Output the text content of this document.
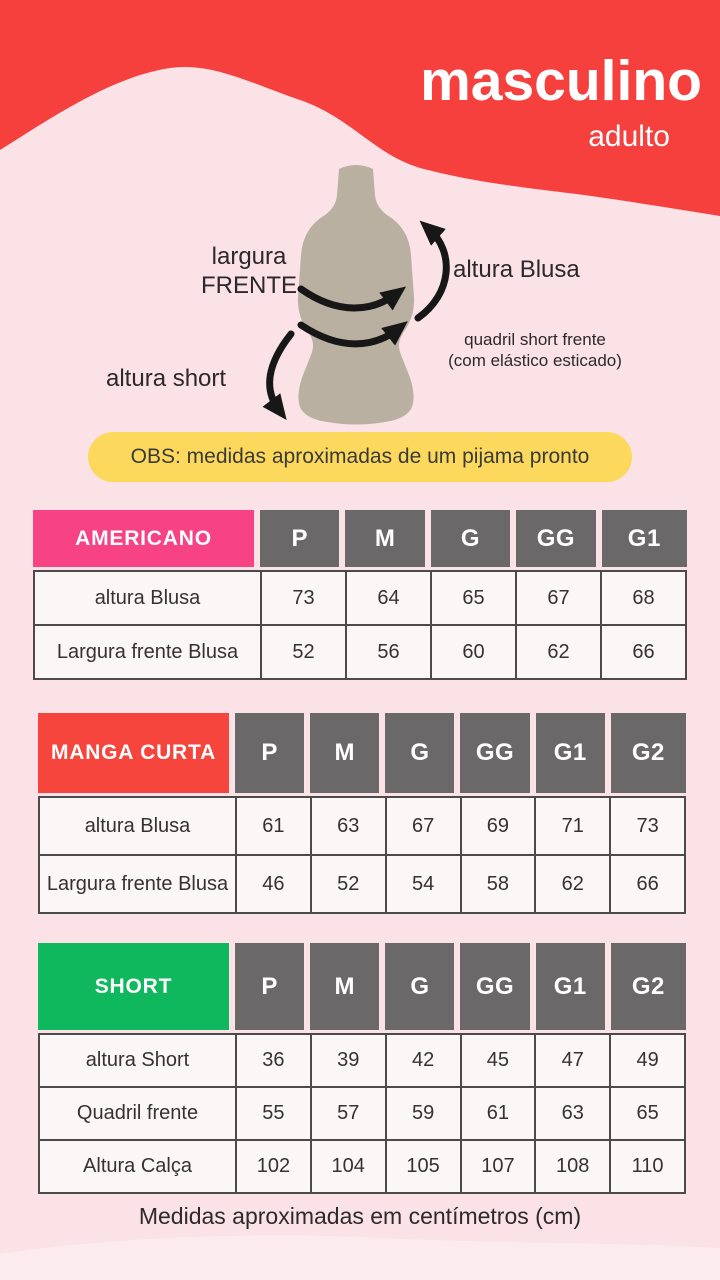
masculino
adulto
largura
FRENTE
altura Blusa
quadril short frente
(com elástico esticado)
altura short
OBS: medidas aproximadas de um pijama pronto
AMERICANO	P	M	G	GG	G1
altura Blusa	73	64	65	67	68
Largura frente Blusa	52	56	60	62	66
MANGA CURTA	P	M	G	GG	G1	G2
altura Blusa	61	63	67	69	71	73
Largura frente Blusa	46	52	54	58	62	66
SHORT	P	M	G	GG	G1	G2
altura Short	36	39	42	45	47	49
Quadril frente	55	57	59	61	63	65
Altura Calça	102	104	105	107	108	110
Medidas aproximadas em centímetros (cm)
